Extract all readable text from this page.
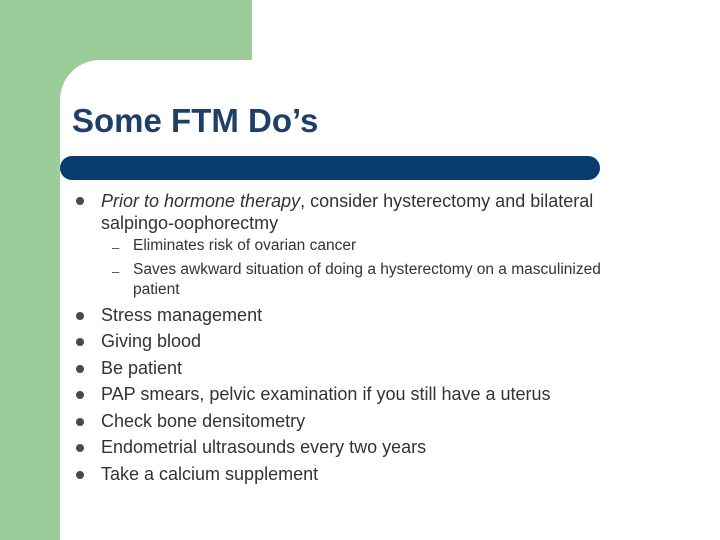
Some FTM Do’s
Prior to hormone therapy, consider hysterectomy and bilateral
salpingo-oophorectmy
– Eliminates risk of ovarian cancer
– Saves awkward situation of doing a hysterectomy on a masculinized
patient
Stress management
Giving blood
Be patient
PAP smears, pelvic examination if you still have a uterus
Check bone densitometry
Endometrial ultrasounds every two years
Take a calcium supplement
